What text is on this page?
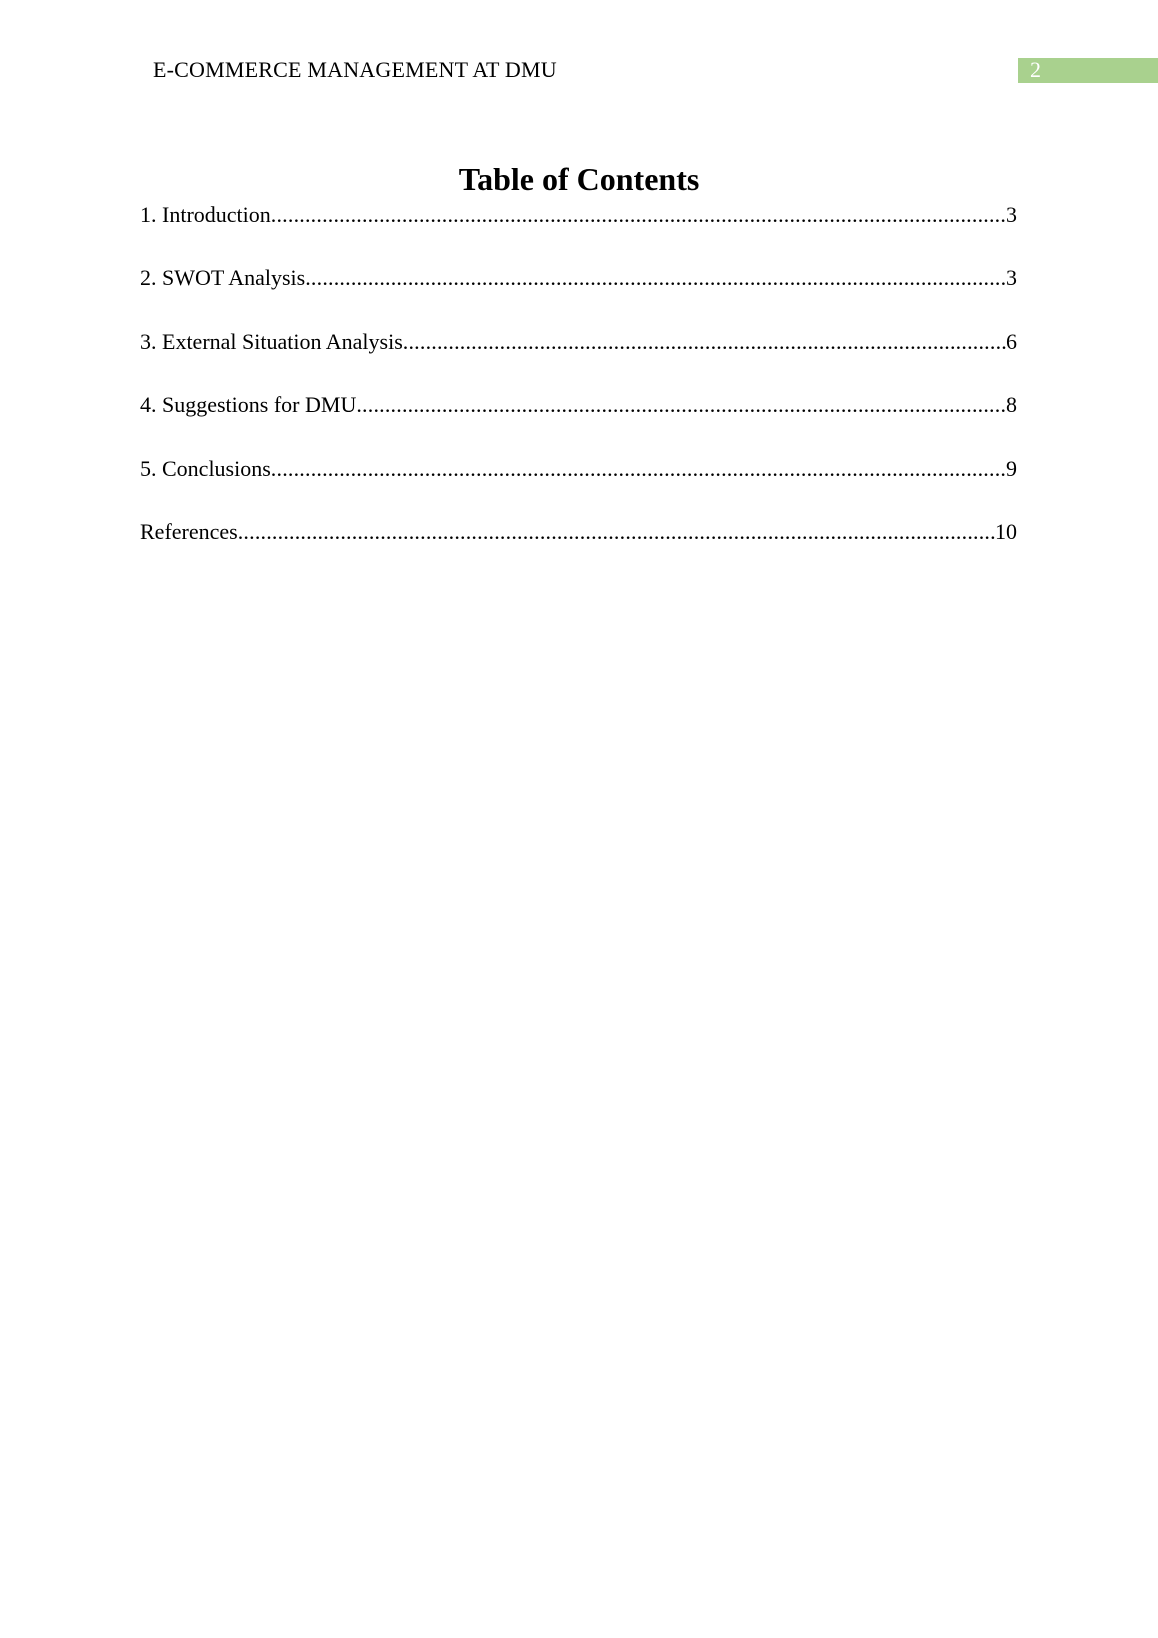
E-COMMERCE MANAGEMENT AT DMU	2
Table of Contents
1. Introduction .....	3
2. SWOT Analysis .....	3
3. External Situation Analysis .....	6
4. Suggestions for DMU .....	8
5. Conclusions .....	9
References .....	10
